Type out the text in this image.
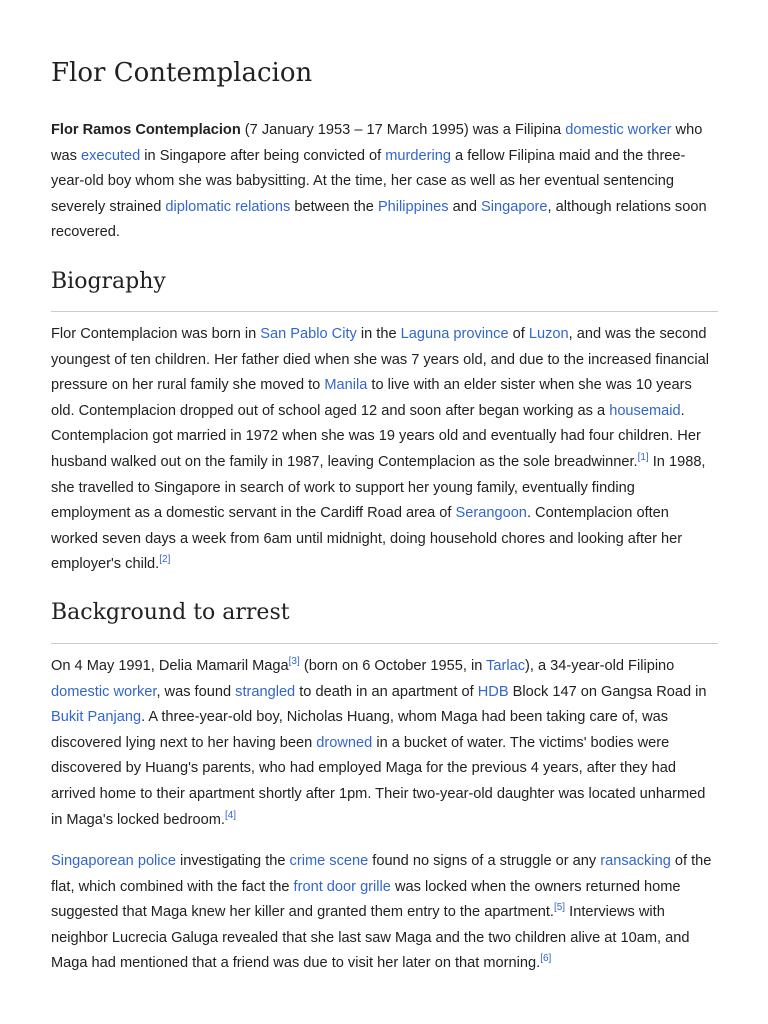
Flor Contemplacion

Flor Ramos Contemplacion (7 January 1953 – 17 March 1995) was a Filipina domestic worker who was executed in Singapore after being convicted of murdering a fellow Filipina maid and the three-year-old boy whom she was babysitting. At the time, her case as well as her eventual sentencing severely strained diplomatic relations between the Philippines and Singapore, although relations soon recovered.

Biography

Flor Contemplacion was born in San Pablo City in the Laguna province of Luzon, and was the second youngest of ten children. Her father died when she was 7 years old, and due to the increased financial pressure on her rural family she moved to Manila to live with an elder sister when she was 10 years old. Contemplacion dropped out of school aged 12 and soon after began working as a housemaid. Contemplacion got married in 1972 when she was 19 years old and eventually had four children. Her husband walked out on the family in 1987, leaving Contemplacion as the sole breadwinner.[1] In 1988, she travelled to Singapore in search of work to support her young family, eventually finding employment as a domestic servant in the Cardiff Road area of Serangoon. Contemplacion often worked seven days a week from 6am until midnight, doing household chores and looking after her employer's child.[2]

Background to arrest

On 4 May 1991, Delia Mamaril Maga[3] (born on 6 October 1955, in Tarlac), a 34-year-old Filipino domestic worker, was found strangled to death in an apartment of HDB Block 147 on Gangsa Road in Bukit Panjang. A three-year-old boy, Nicholas Huang, whom Maga had been taking care of, was discovered lying next to her having been drowned in a bucket of water. The victims' bodies were discovered by Huang's parents, who had employed Maga for the previous 4 years, after they had arrived home to their apartment shortly after 1pm. Their two-year-old daughter was located unharmed in Maga's locked bedroom.[4]

Singaporean police investigating the crime scene found no signs of a struggle or any ransacking of the flat, which combined with the fact the front door grille was locked when the owners returned home suggested that Maga knew her killer and granted them entry to the apartment.[5] Interviews with neighbor Lucrecia Galuga revealed that she last saw Maga and the two children alive at 10am, and Maga had mentioned that a friend was due to visit her later on that morning.[6]
